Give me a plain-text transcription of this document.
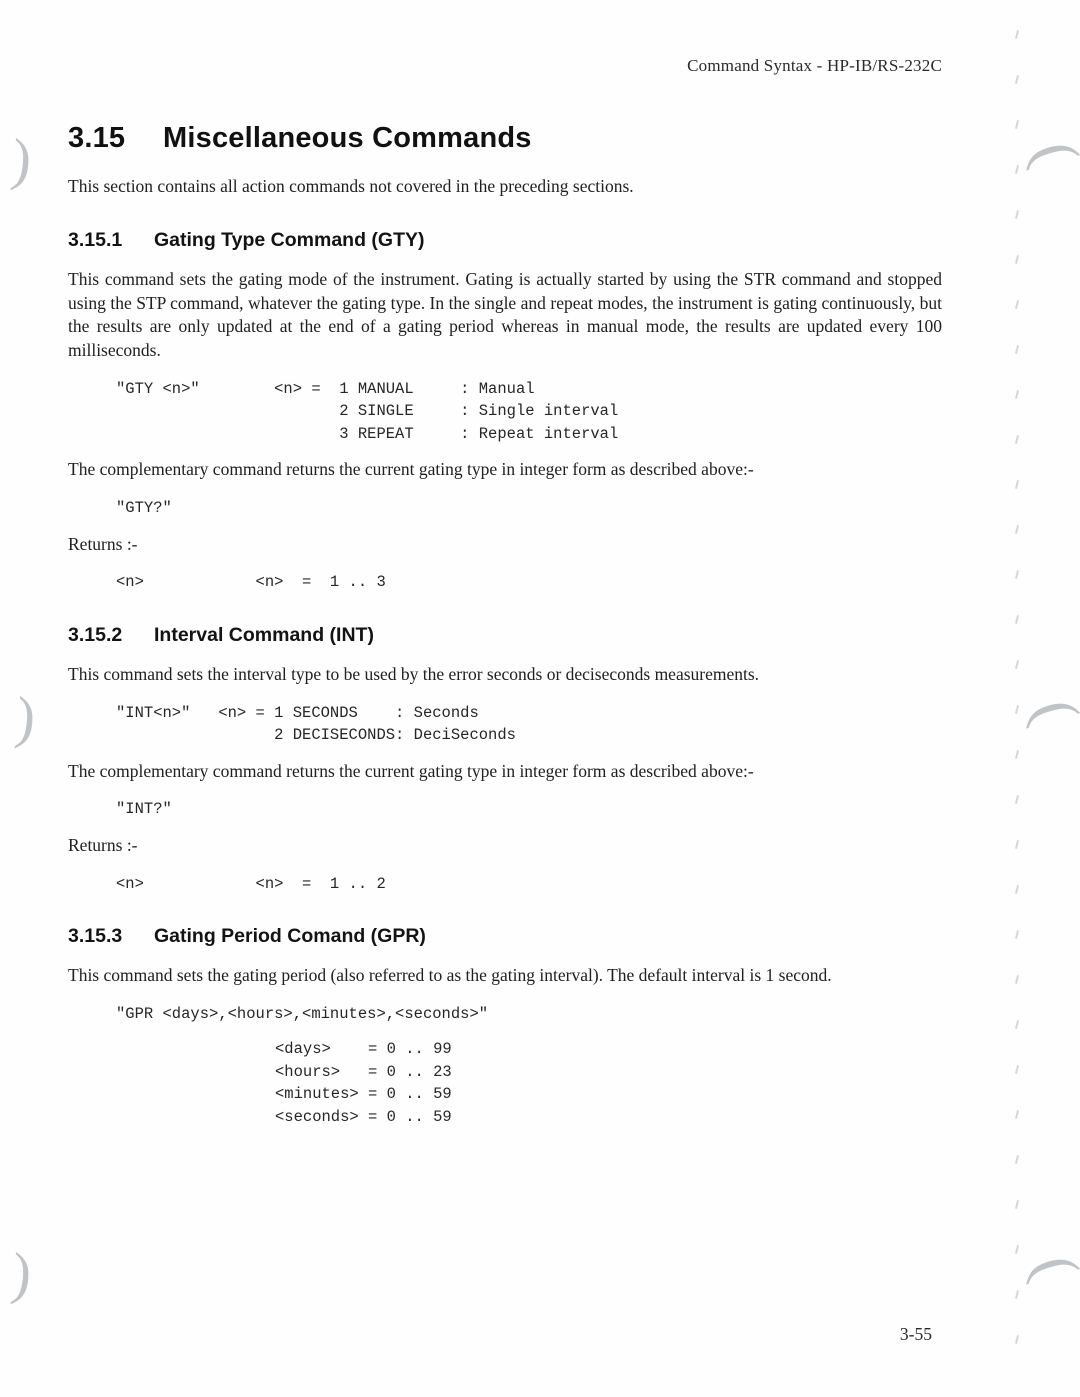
Command Syntax - HP-IB/RS-232C
3.15	Miscellaneous Commands

This section contains all action commands not covered in the preceding sections.

3.15.1	Gating Type Command (GTY)

This command sets the gating mode of the instrument. Gating is actually started by using the STR command and stopped using the STP command, whatever the gating type. In the single and repeat modes, the instrument is gating continuously, but the results are only updated at the end of a gating period whereas in manual mode, the results are updated every 100 milliseconds.

"GTY <n>"        <n> =  1 MANUAL     : Manual
2 SINGLE     : Single interval
3 REPEAT     : Repeat interval

The complementary command returns the current gating type in integer form as described above:-

"GTY?"

Returns :-

<n>            <n>  =  1 .. 3
3.15.2	Interval Command (INT)

This command sets the interval type to be used by the error seconds or deciseconds measurements.

"INT<n>"   <n> = 1 SECONDS    : Seconds
2 DECISECONDS: DeciSeconds

The complementary command returns the current gating type in integer form as described above:-

"INT?"

Returns :-

<n>            <n>  =  1 .. 2
3.15.3	Gating Period Comand (GPR)

This command sets the gating period (also referred to as the gating interval). The default interval is 1 second.

"GPR <days>,<hours>,<minutes>,<seconds>"
<days>    = 0 .. 99
<hours>   = 0 .. 23
<minutes> = 0 .. 59
<seconds> = 0 .. 59
3-55
)
)
)
(
(
(
